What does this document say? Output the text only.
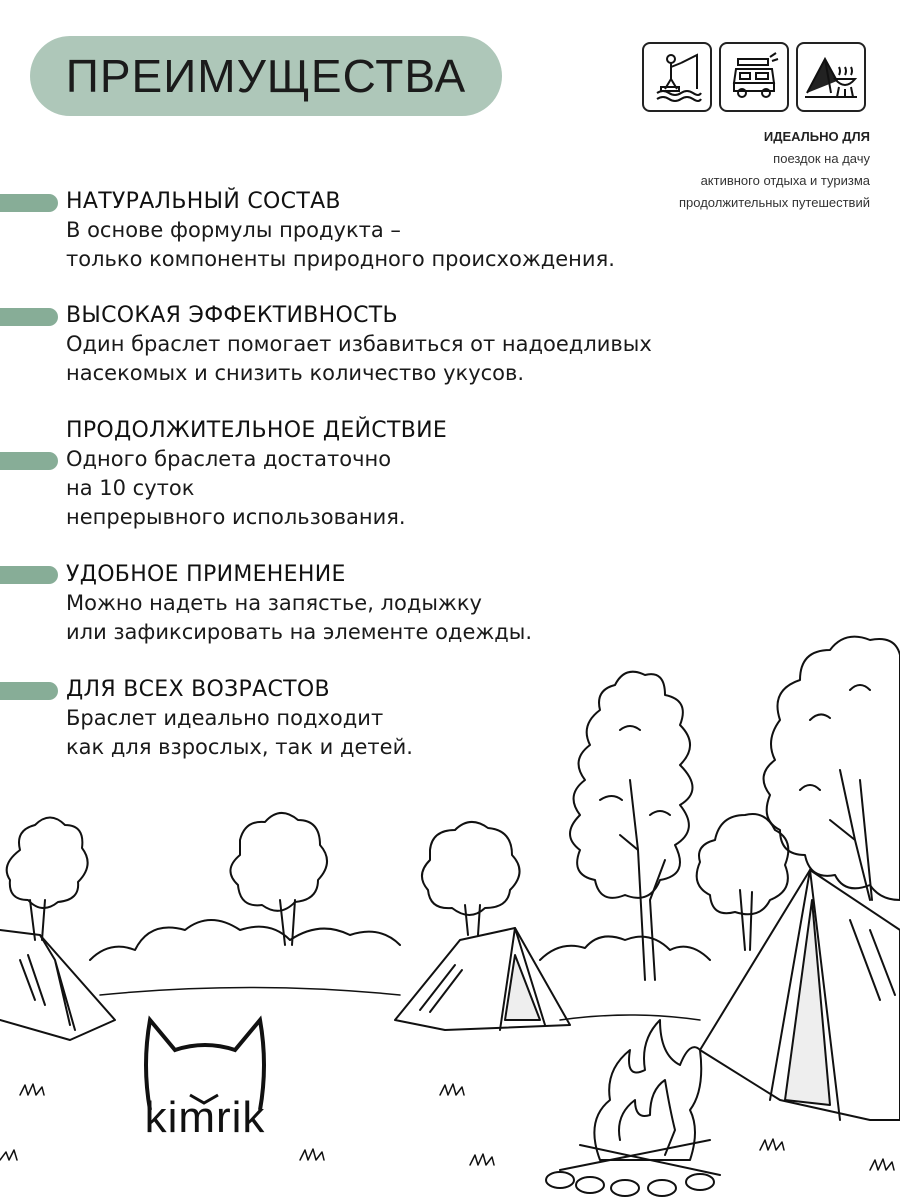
ПРЕИМУЩЕСТВА
ИДЕАЛЬНО ДЛЯ
поездок на дачу
активного отдыха и туризма
продолжительных путешествий
НАТУРАЛЬНЫЙ СОСТАВ
В основе формулы продукта –
только компоненты природного происхождения.
ВЫСОКАЯ ЭФФЕКТИВНОСТЬ
Один браслет помогает избавиться от надоедливых
насекомых и снизить количество укусов.
ПРОДОЛЖИТЕЛЬНОЕ ДЕЙСТВИЕ
Одного браслета достаточно
на 10 суток
непрерывного использования.
УДОБНОЕ ПРИМЕНЕНИЕ
Можно надеть на запястье, лодыжку
или зафиксировать на элементе одежды.
ДЛЯ ВСЕХ ВОЗРАСТОВ
Браслет идеально подходит
как для взрослых, так и детей.
kimrik
